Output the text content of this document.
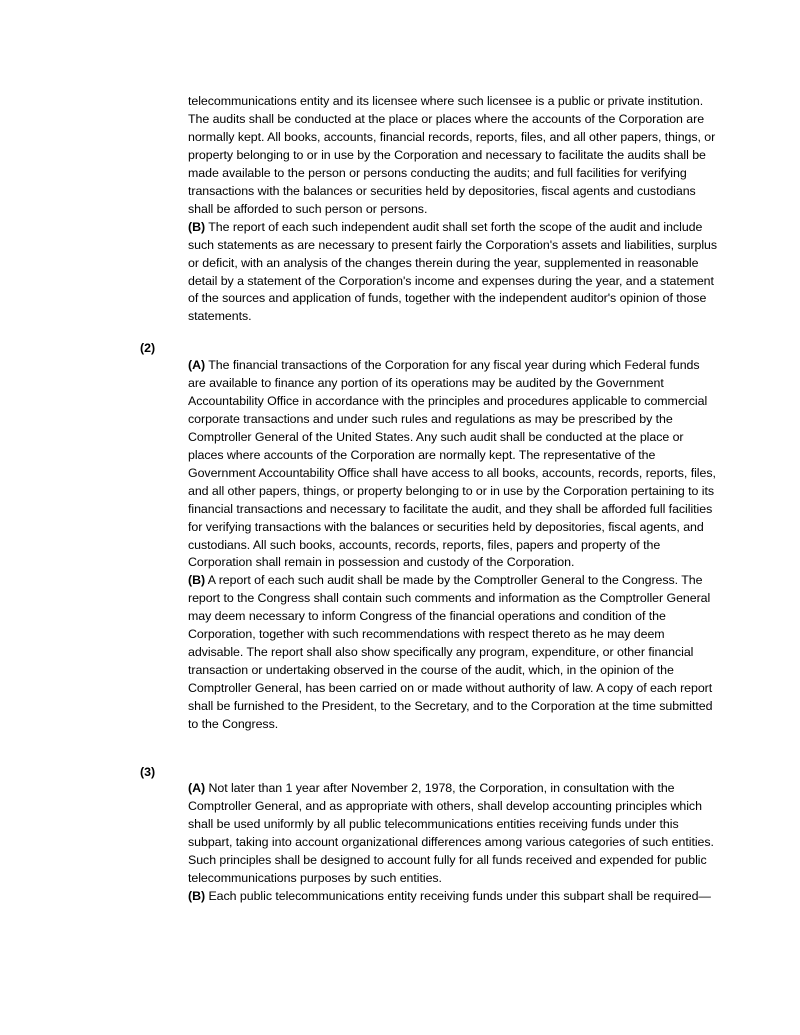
telecommunications entity and its licensee where such licensee is a public or private institution. The audits shall be conducted at the place or places where the accounts of the Corporation are normally kept. All books, accounts, financial records, reports, files, and all other papers, things, or property belonging to or in use by the Corporation and necessary to facilitate the audits shall be made available to the person or persons conducting the audits; and full facilities for verifying transactions with the balances or securities held by depositories, fiscal agents and custodians shall be afforded to such person or persons.

(B) The report of each such independent audit shall set forth the scope of the audit and include such statements as are necessary to present fairly the Corporation's assets and liabilities, surplus or deficit, with an analysis of the changes therein during the year, supplemented in reasonable detail by a statement of the Corporation's income and expenses during the year, and a statement of the sources and application of funds, together with the independent auditor's opinion of those statements.

(2)

(A) The financial transactions of the Corporation for any fiscal year during which Federal funds are available to finance any portion of its operations may be audited by the Government Accountability Office in accordance with the principles and procedures applicable to commercial corporate transactions and under such rules and regulations as may be prescribed by the Comptroller General of the United States. Any such audit shall be conducted at the place or places where accounts of the Corporation are normally kept. The representative of the Government Accountability Office shall have access to all books, accounts, records, reports, files, and all other papers, things, or property belonging to or in use by the Corporation pertaining to its financial transactions and necessary to facilitate the audit, and they shall be afforded full facilities for verifying transactions with the balances or securities held by depositories, fiscal agents, and custodians. All such books, accounts, records, reports, files, papers and property of the Corporation shall remain in possession and custody of the Corporation.

(B) A report of each such audit shall be made by the Comptroller General to the Congress. The report to the Congress shall contain such comments and information as the Comptroller General may deem necessary to inform Congress of the financial operations and condition of the Corporation, together with such recommendations with respect thereto as he may deem advisable. The report shall also show specifically any program, expenditure, or other financial transaction or undertaking observed in the course of the audit, which, in the opinion of the Comptroller General, has been carried on or made without authority of law. A copy of each report shall be furnished to the President, to the Secretary, and to the Corporation at the time submitted to the Congress.

(3)

(A) Not later than 1 year after November 2, 1978, the Corporation, in consultation with the Comptroller General, and as appropriate with others, shall develop accounting principles which shall be used uniformly by all public telecommunications entities receiving funds under this subpart, taking into account organizational differences among various categories of such entities. Such principles shall be designed to account fully for all funds received and expended for public telecommunications purposes by such entities.

(B) Each public telecommunications entity receiving funds under this subpart shall be required—
